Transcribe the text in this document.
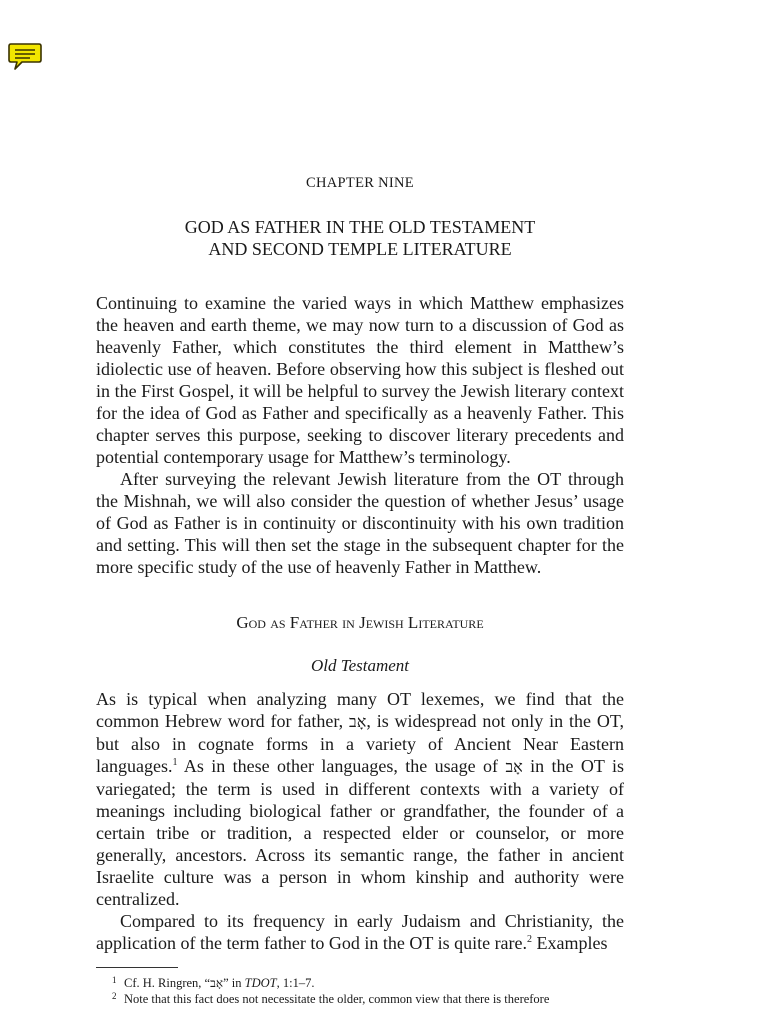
CHAPTER NINE
GOD AS FATHER IN THE OLD TESTAMENT
AND SECOND TEMPLE LITERATURE

Continuing to examine the varied ways in which Matthew emphasizes the heaven and earth theme, we may now turn to a discussion of God as heavenly Father, which constitutes the third element in Matthew’s idiolectic use of heaven. Before observing how this subject is fleshed out in the First Gospel, it will be helpful to survey the Jewish literary context for the idea of God as Father and specifically as a heavenly Father. This chapter serves this purpose, seeking to discover literary precedents and potential contemporary usage for Matthew’s terminology.

After surveying the relevant Jewish literature from the OT through the Mishnah, we will also consider the question of whether Jesus’ usage of God as Father is in continuity or discontinuity with his own tradition and setting. This will then set the stage in the subsequent chapter for the more specific study of the use of heavenly Father in Matthew.

God as Father in Jewish Literature
Old Testament

As is typical when analyzing many OT lexemes, we find that the common Hebrew word for father, אָב, is widespread not only in the OT, but also in cognate forms in a variety of Ancient Near Eastern languages.$^1$ As in these other languages, the usage of אָב in the OT is variegated; the term is used in different contexts with a variety of meanings including biological father or grandfather, the founder of a certain tribe or tradition, a respected elder or counselor, or more generally, ancestors. Across its semantic range, the father in ancient Israelite culture was a person in whom kinship and authority were centralized.

Compared to its frequency in early Judaism and Christianity, the application of the term father to God in the OT is quite rare.$^2$ Examples

1 Cf. H. Ringren, “אָב” in TDOT, 1:1–7.
2 Note that this fact does not necessitate the older, common view that there is therefore
